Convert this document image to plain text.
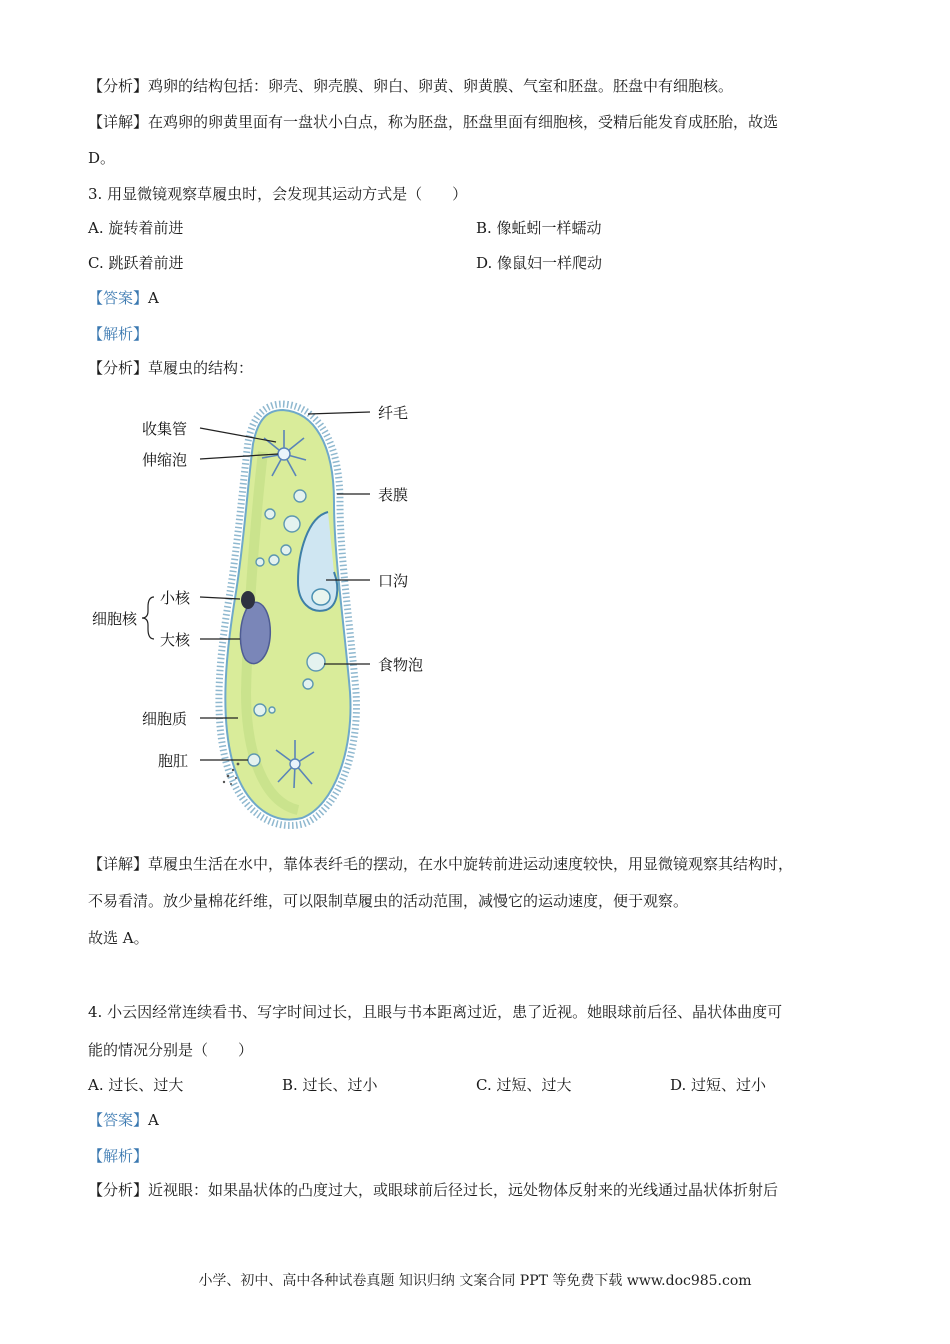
【分析】鸡卵的结构包括：卵壳、卵壳膜、卵白、卵黄、卵黄膜、气室和胚盘。胚盘中有细胞核。
【详解】在鸡卵的卵黄里面有一盘状小白点，称为胚盘，胚盘里面有细胞核，受精后能发育成胚胎，故选
D。
3. 用显微镜观察草履虫时，会发现其运动方式是（　　）
A. 旋转着前进	B. 像蚯蚓一样蠕动
C. 跳跃着前进	D. 像鼠妇一样爬动
【答案】A
【解析】
【分析】草履虫的结构：
收集管
伸缩泡
纤毛
表膜
口沟
食物泡
细胞核
小核
大核
细胞质
胞肛
【详解】草履虫生活在水中，靠体表纤毛的摆动，在水中旋转前进运动速度较快，用显微镜观察其结构时，
不易看清。放少量棉花纤维，可以限制草履虫的活动范围，减慢它的运动速度，便于观察。
故选 A。
4. 小云因经常连续看书、写字时间过长，且眼与书本距离过近，患了近视。她眼球前后径、晶状体曲度可
能的情况分别是（　　）
A. 过长、过大	B. 过长、过小	C. 过短、过大	D. 过短、过小
【答案】A
【解析】
【分析】近视眼：如果晶状体的凸度过大，或眼球前后径过长，远处物体反射来的光线通过晶状体折射后
小学、初中、高中各种试卷真题 知识归纳 文案合同 PPT 等免费下载 www.doc985.com
